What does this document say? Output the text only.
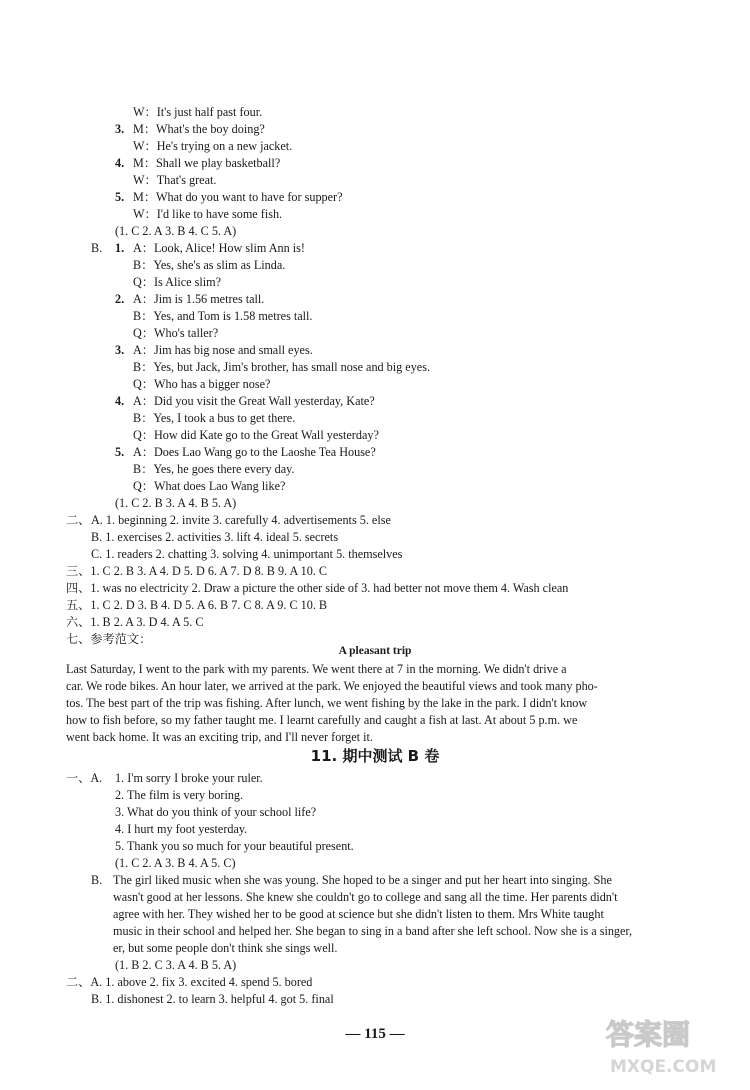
W：It's just half past four.
3. M：What's the boy doing?
W：He's trying on a new jacket.
4. M：Shall we play basketball?
W：That's great.
5. M：What do you want to have for supper?
W：I'd like to have some fish.
(1. C 2. A 3. B 4. C 5. A)
B. 1. A：Look, Alice! How slim Ann is!
B：Yes, she's as slim as Linda.
Q：Is Alice slim?
2. A：Jim is 1.56 metres tall.
B：Yes, and Tom is 1.58 metres tall.
Q：Who's taller?
3. A：Jim has big nose and small eyes.
B：Yes, but Jack, Jim's brother, has small nose and big eyes.
Q：Who has a bigger nose?
4. A：Did you visit the Great Wall yesterday, Kate?
B：Yes, I took a bus to get there.
Q：How did Kate go to the Great Wall yesterday?
5. A：Does Lao Wang go to the Laoshe Tea House?
B：Yes, he goes there every day.
Q：What does Lao Wang like?
(1. C 2. B 3. A 4. B 5. A)
二、 A. 1. beginning 2. invite 3. carefully 4. advertisements 5. else
B. 1. exercises 2. activities 3. lift 4. ideal 5. secrets
C. 1. readers 2. chatting 3. solving 4. unimportant 5. themselves
三、1. C 2. B 3. A 4. D 5. D 6. A 7. D 8. B 9. A 10. C
四、1. was no electricity 2. Draw a picture the other side of 3. had better not move them 4. Wash clean
五、1. C 2. D 3. B 4. D 5. A 6. B 7. C 8. A 9. C 10. B
六、1. B 2. A 3. D 4. A 5. C
七、参考范文：
A pleasant trip
Last Saturday, I went to the park with my parents. We went there at 7 in the morning. We didn't drive a
car. We rode bikes. An hour later, we arrived at the park. We enjoyed the beautiful views and took many pho-
tos. The best part of the trip was fishing. After lunch, we went fishing by the lake in the park. I didn't know
how to fish before, so my father taught me. I learnt carefully and caught a fish at last. At about 5 p.m. we
went back home. It was an exciting trip, and I'll never forget it.
11. 期中测试 B 卷
一、A. 1. I'm sorry I broke your ruler.
2. The film is very boring.
3. What do you think of your school life?
4. I hurt my foot yesterday.
5. Thank you so much for your beautiful present.
(1. C 2. A 3. B 4. A 5. C)
B. The girl liked music when she was young. She hoped to be a singer and put her heart into singing. She
wasn't good at her lessons. She knew she couldn't go to college and sang all the time. Her parents didn't
agree with her. They wished her to be good at science but she didn't listen to them. Mrs White taught
music in their school and helped her. She began to sing in a band after she left school. Now she is a singer,
er, but some people don't think she sings well.
(1. B 2. C 3. A 4. B 5. A)
二、A. 1. above 2. fix 3. excited 4. spend 5. bored
B. 1. dishonest 2. to learn 3. helpful 4. got 5. final
— 115 —	答案圈
MXQE.COM
